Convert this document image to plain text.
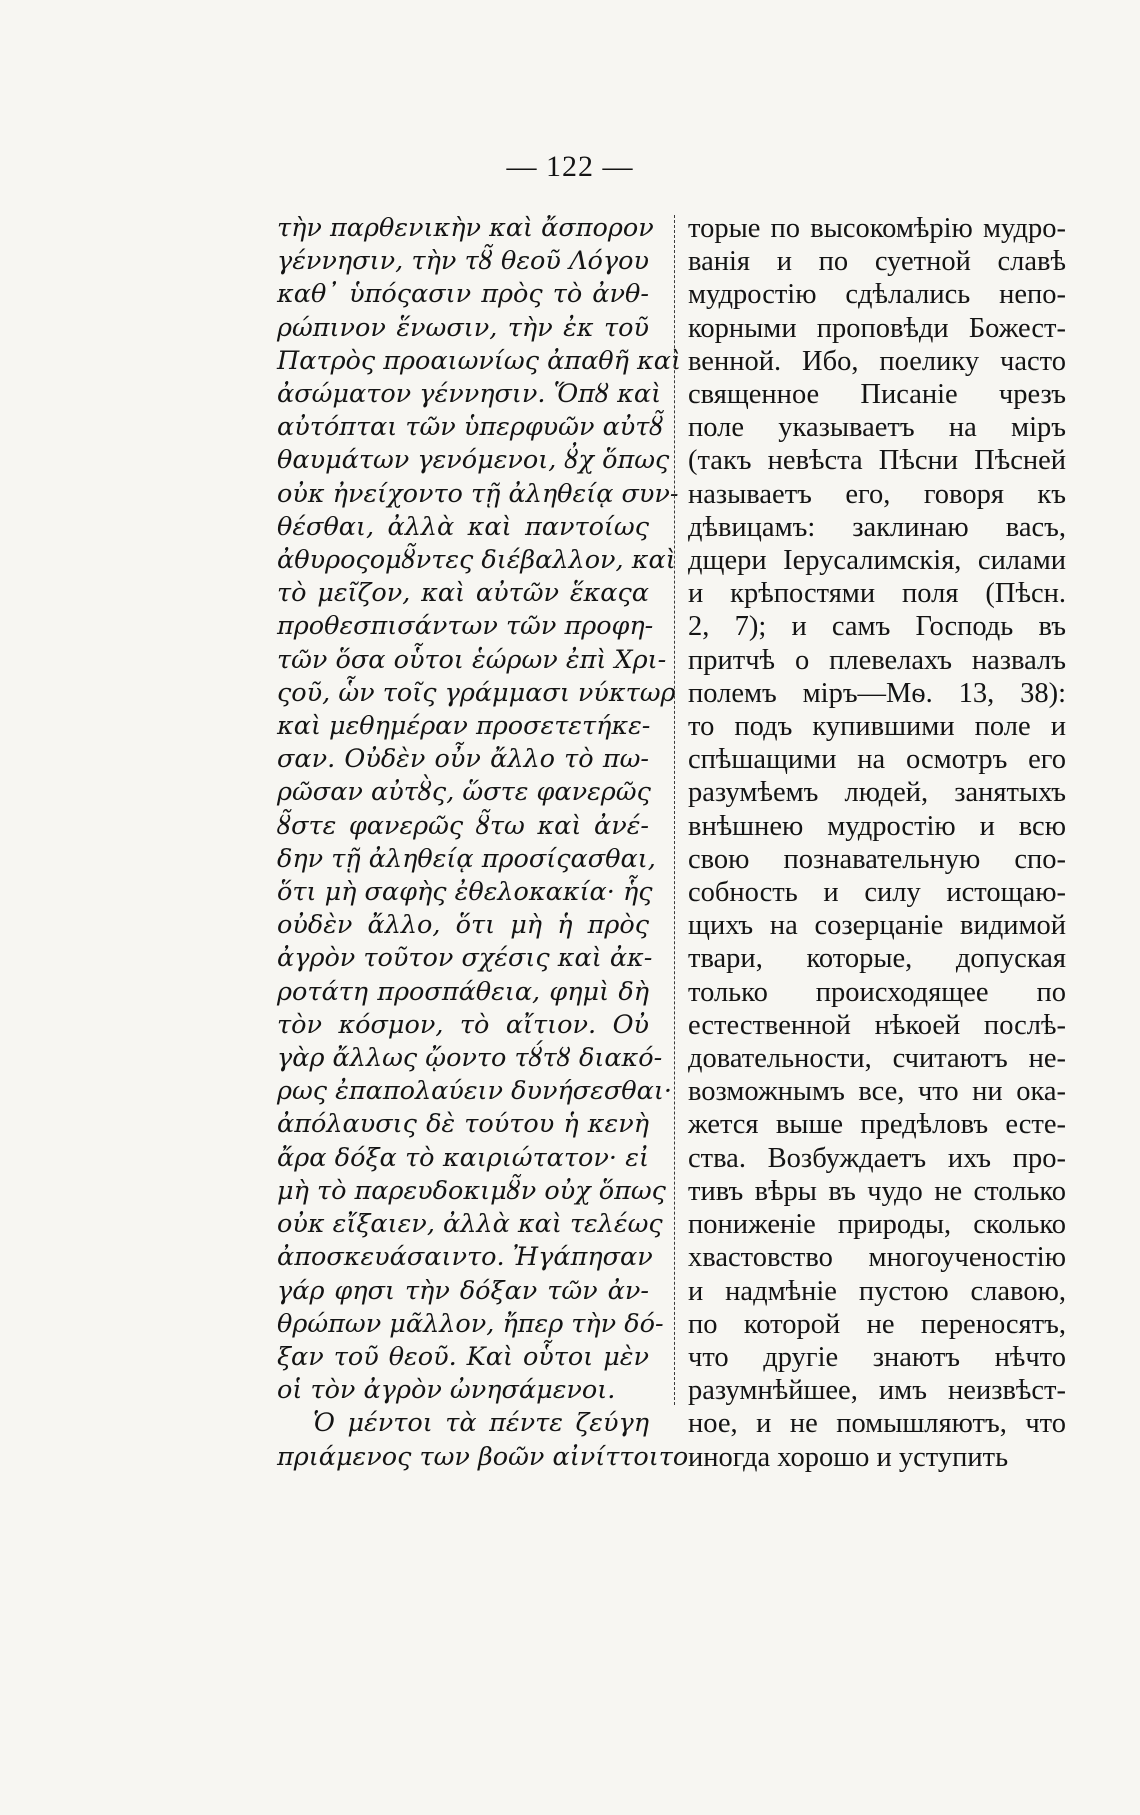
— 122 —
τὴν παρθενικὴν καὶ ἄσπορον
γέννησιν, τὴν τȣ̃ θεοῦ Λόγου
καθ᾽ ὑπόςασιν πρὸς τὸ ἀνθ-
ρώπινον ἕνωσιν, τὴν ἐκ τοῦ
Πατρὸς προαιωνίως ἀπαθῆ καὶ
ἀσώματον γέννησιν. Ὅπȣ καὶ
αὐτόπται τῶν ὑπερφυῶν αὐτȣ̃
θαυμάτων γενόμενοι, ȣ̓χ ὅπως
οὐκ ἠνείχοντο τῇ ἀληθείᾳ συν-
θέσθαι, ἀλλὰ καὶ παντοίως
ἀθυροςομȣ̃ντες διέβαλλον, καὶ
τὸ μεῖζον, καὶ αὐτῶν ἕκαςα
προθεσπισάντων τῶν προφη-
τῶν ὅσα οὗτοι ἑώρων ἐπὶ Χρι-
ςοῦ, ὧν τοῖς γράμμασι νύκτωρ
καὶ μεθημέραν προσετετήκε-
σαν. Οὐδὲν οὖν ἄλλο τὸ πω-
ρῶσαν αὐτȣ̀ς, ὥστε φανερῶς
ȣ̃στε φανερῶς ȣ̃τω καὶ ἀνέ-
δην τῇ ἀληθείᾳ προσίςασθαι,
ὅτι μὴ σαφὴς ἐθελοκακία· ἧς
οὐδὲν ἄλλο, ὅτι μὴ ἡ πρὸς
ἀγρὸν τοῦτον σχέσις καὶ ἀκ-
ροτάτη προσπάθεια, φημὶ δὴ
τὸν κόσμον, τὸ αἴτιον. Οὐ
γὰρ ἄλλως ᾤοντο τȣ́τȣ διακό-
ρως ἐπαπολαύειν δυνήσεσθαι·
ἀπόλαυσις δὲ τούτου ἡ κενὴ
ἄρα δόξα τὸ καιριώτατον· εἰ
μὴ τὸ παρευδοκιμȣ̃ν οὐχ ὅπως
οὐκ εἴξαιεν, ἀλλὰ καὶ τελέως
ἀποσκευάσαιντο. Ἠγάπησαν
γάρ φησι τὴν δόξαν τῶν ἀν-
θρώπων μᾶλλον, ἤπερ τὴν δό-
ξαν τοῦ θεοῦ. Καὶ οὗτοι μὲν
οἱ τὸν ἀγρὸν ὠνησάμενοι.
Ὁ μέντοι τὰ πέντε ζεύγη
πριάμενος των βοῶν αἰνίττοιτο
торые по высокомѣрію мудро-
ванія и по суетной славѣ
мудростію сдѣлались непо-
корными проповѣди Божест-
венной. Ибо, поелику часто
священное Писаніе чрезъ
поле указываетъ на міръ
(такъ невѣста Пѣсни Пѣсней
называетъ его, говоря къ
дѣвицамъ: заклинаю васъ,
дщери Іерусалимскія, силами
и крѣпостями поля (Пѣсн.
2, 7); и самъ Господь въ
притчѣ о плевелахъ назвалъ
полемъ міръ—Мѳ. 13, 38):
то подъ купившими поле и
спѣшащими на осмотръ его
разумѣемъ людей, занятыхъ
внѣшнею мудростію и всю
свою познавательную спо-
собность и силу истощаю-
щихъ на созерцаніе видимой
твари, которые, допуская
только происходящее по
естественной нѣкоей послѣ-
довательности, считаютъ не-
возможнымъ все, что ни ока-
жется выше предѣловъ есте-
ства. Возбуждаетъ ихъ про-
тивъ вѣры въ чудо не столько
пониженіе природы, сколько
хвастовство многоученостію
и надмѣніе пустою славою,
по которой не переносятъ,
что другіе знаютъ нѣчто
разумнѣйшее, имъ неизвѣст-
ное, и не помышляютъ, что
иногда хорошо и уступить
